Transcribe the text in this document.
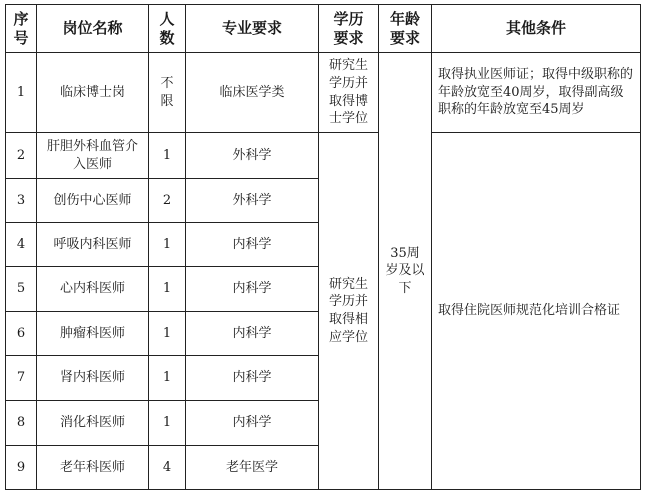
序号	岗位名称	人数	专业要求	学历要求	年龄要求	其他条件
1	临床博士岗	不限	临床医学类	研究生学历并取得博士学位	35周岁及以下	取得执业医师证；取得中级职称的年龄放宽至40周岁，取得副高级职称的年龄放宽至45周岁
2	肝胆外科血管介入医师	1	外科学	研究生学历并取得相应学位		取得住院医师规范化培训合格证
3	创伤中心医师	2	外科学			
4	呼吸内科医师	1	内科学			
5	心内科医师	1	内科学			
6	肿瘤科医师	1	内科学			
7	肾内科医师	1	内科学			
8	消化科医师	1	内科学			
9	老年科医师	4	老年医学			
